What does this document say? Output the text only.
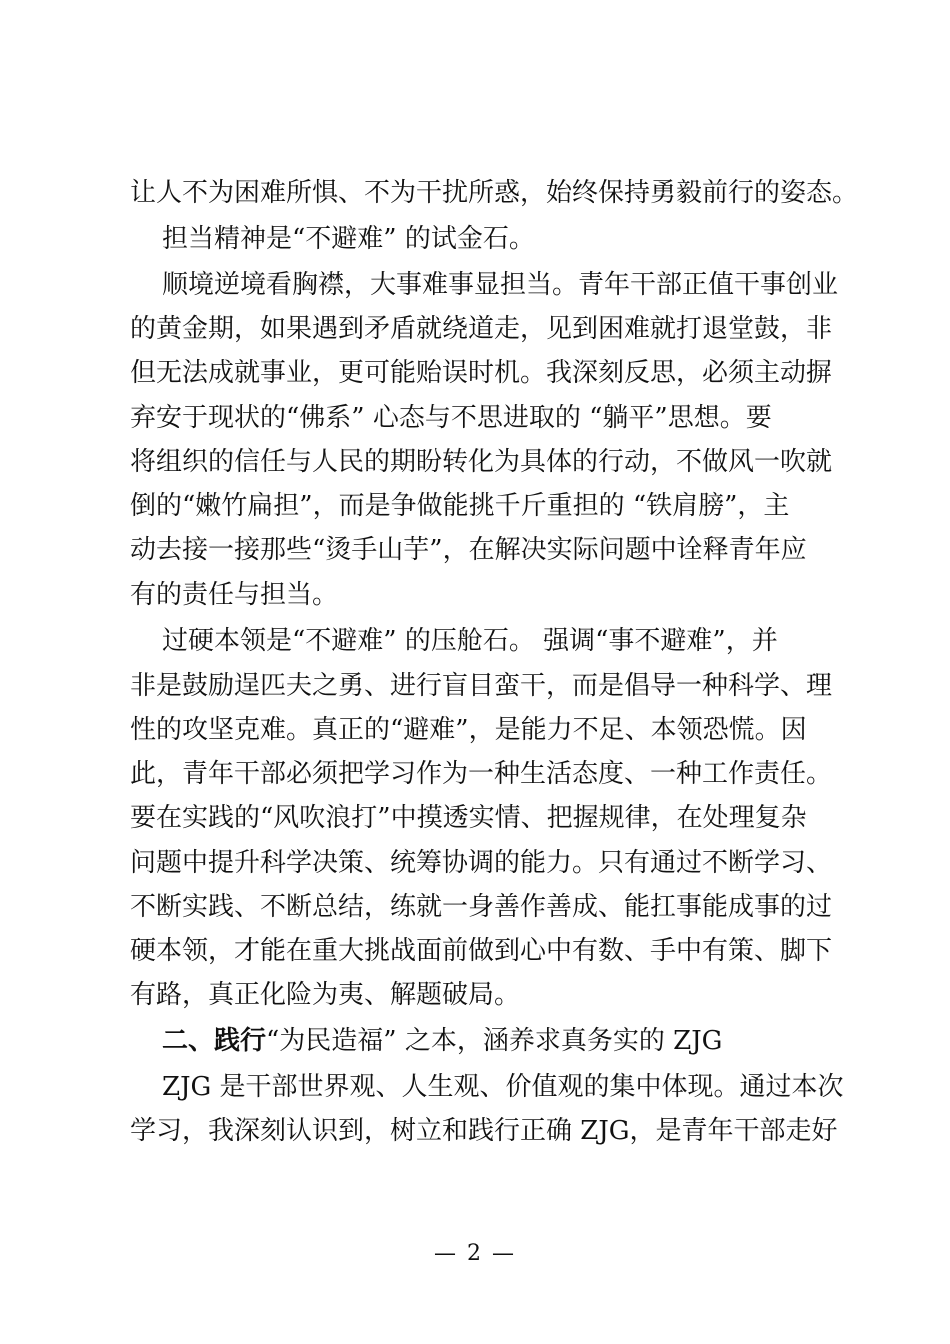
让人不为困难所惧、不为干扰所惑，始终保持勇毅前行的姿态。
担当精神是“不避难” 的试金石。
顺境逆境看胸襟，大事难事显担当。青年干部正值干事创业
的黄金期，如果遇到矛盾就绕道走，见到困难就打退堂鼓，非
但无法成就事业，更可能贻误时机。我深刻反思，必须主动摒
弃安于现状的“佛系” 心态与不思进取的 “躺平”思想。要
将组织的信任与人民的期盼转化为具体的行动，不做风一吹就
倒的“嫩竹扁担”，而是争做能挑千斤重担的 “铁肩膀”，主
动去接一接那些“烫手山芋”，在解决实际问题中诠释青年应
有的责任与担当。
过硬本领是“不避难” 的压舱石。 强调“事不避难”，并
非是鼓励逞匹夫之勇、进行盲目蛮干，而是倡导一种科学、理
性的攻坚克难。真正的“避难”，是能力不足、本领恐慌。因
此，青年干部必须把学习作为一种生活态度、一种工作责任。
要在实践的“风吹浪打”中摸透实情、把握规律，在处理复杂
问题中提升科学决策、统筹协调的能力。只有通过不断学习、
不断实践、不断总结，练就一身善作善成、能扛事能成事的过
硬本领，才能在重大挑战面前做到心中有数、手中有策、脚下
有路，真正化险为夷、解题破局。
二、践行“为民造福” 之本，涵养求真务实的 ZJG
ZJG 是干部世界观、人生观、价值观的集中体现。通过本次
学习，我深刻认识到，树立和践行正确 ZJG，是青年干部走好
— 2 —
